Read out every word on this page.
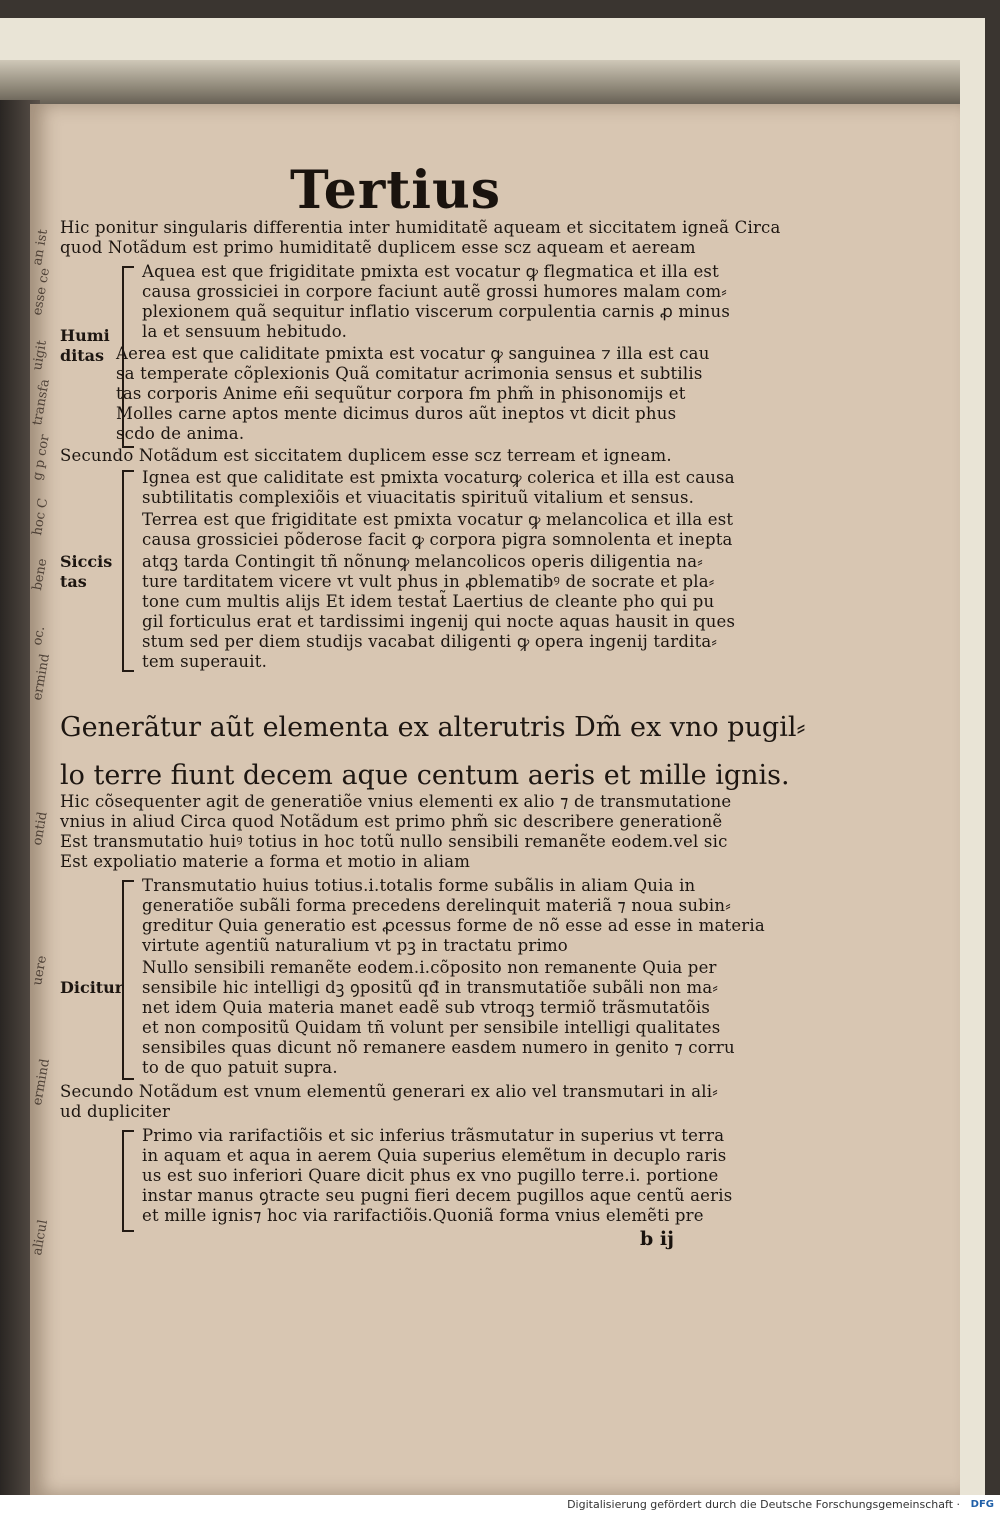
an ist
esse ce
uigit
transfa
g p cor
hoc C
bene
oc.
ermind
ontid
uere
ermind
alicul
Tertius
Hic ponitur singularis differentia inter humiditatẽ aqueam et siccitatem igneã Circa
quod Notãdum est primo humiditatẽ duplicem esse scz aqueam et aeream
Humi
ditas
Aquea est que frigiditate pmixta est vocatur ꝙ flegmatica et illa est
causa grossiciei in corpore faciunt autẽ grossi humores malam com⸗
plexionem quã sequitur inflatio viscerum corpulentia carnis ꝓ minus
la et sensuum hebitudo.
Aerea est que caliditate pmixta est vocatur ꝙ sanguinea ⁊ illa est cau
sa temperate cõplexionis Quã comitatur acrimonia sensus et subtilis
tas corporis Anime eñi sequũtur corpora fm phm̃ in phisonomijs et
Molles carne aptos mente dicimus duros aũt ineptos vt dicit phus
scdo de anima.
Secundo Notãdum est siccitatem duplicem esse scz terream et igneam.
Siccis
tas
Ignea est que caliditate est pmixta vocaturꝙ colerica et illa est causa
subtilitatis complexiõis et viuacitatis spirituũ vitalium et sensus.
Terrea est que frigiditate est pmixta vocatur ꝙ melancolica et illa est
causa grossiciei põderose facit ꝙ corpora pigra somnolenta et inepta
atqꝫ tarda Contingit tñ nõnunꝙ melancolicos operis diligentia na⸗
ture tarditatem vicere vt vult phus in ꝓblematibꝰ de socrate et pla⸗
tone cum multis alijs Et idem testat̃ Laertius de cleante pho qui pu
gil forticulus erat et tardissimi ingenij qui nocte aquas hausit in ques
stum sed per diem studijs vacabat diligenti ꝙ opera ingenij tardita⸗
tem superauit.
Generãtur aũt elementa ex alterutris Dm̃ ex vno pugil⸗
lo terre fiunt decem aque centum aeris et mille ignis.
Hic cõsequenter agit de generatiõe vnius elementi ex alio ⁊ de transmutatione
vnius in aliud Circa quod Notãdum est primo phm̃ sic describere generationẽ
Est transmutatio huiꝰ totius in hoc totũ nullo sensibili remanẽte eodem.vel sic
Est expoliatio materie a forma et motio in aliam
Dicitur
Transmutatio huius totius.i.totalis forme subãlis in aliam Quia in
generatiõe subãli forma precedens derelinquit materiã ⁊ noua subin⸗
greditur Quia generatio est ꝓcessus forme de nõ esse ad esse in materia
virtute agentiũ naturalium vt pꝫ in tractatu primo
Nullo sensibili remanẽte eodem.i.cõposito non remanente Quia per
sensibile hic intelligi dꝫ ꝯpositũ qđ in transmutatiõe subãli non ma⸗
net idem Quia materia manet eadẽ sub vtroqꝫ termiõ trãsmutatõis
et non compositũ Quidam tñ volunt per sensibile intelligi qualitates
sensibiles quas dicunt nõ remanere easdem numero in genito ⁊ corru
to de quo patuit supra.
Secundo Notãdum est vnum elementũ generari ex alio vel transmutari in ali⸗
ud dupliciter
Primo via rarifactiõis et sic inferius trãsmutatur in superius vt terra
in aquam et aqua in aerem Quia superius elemẽtum in decuplo raris
us est suo inferiori Quare dicit phus ex vno pugillo terre.i. portione
instar manus ꝯtracte seu pugni fieri decem pugillos aque centũ aeris
et mille ignis⁊ hoc via rarifactiõis.Quoniã forma vnius elemẽti pre
b ij
Digitalisierung gefördert durch die Deutsche Forschungsgemeinschaft · DFG
